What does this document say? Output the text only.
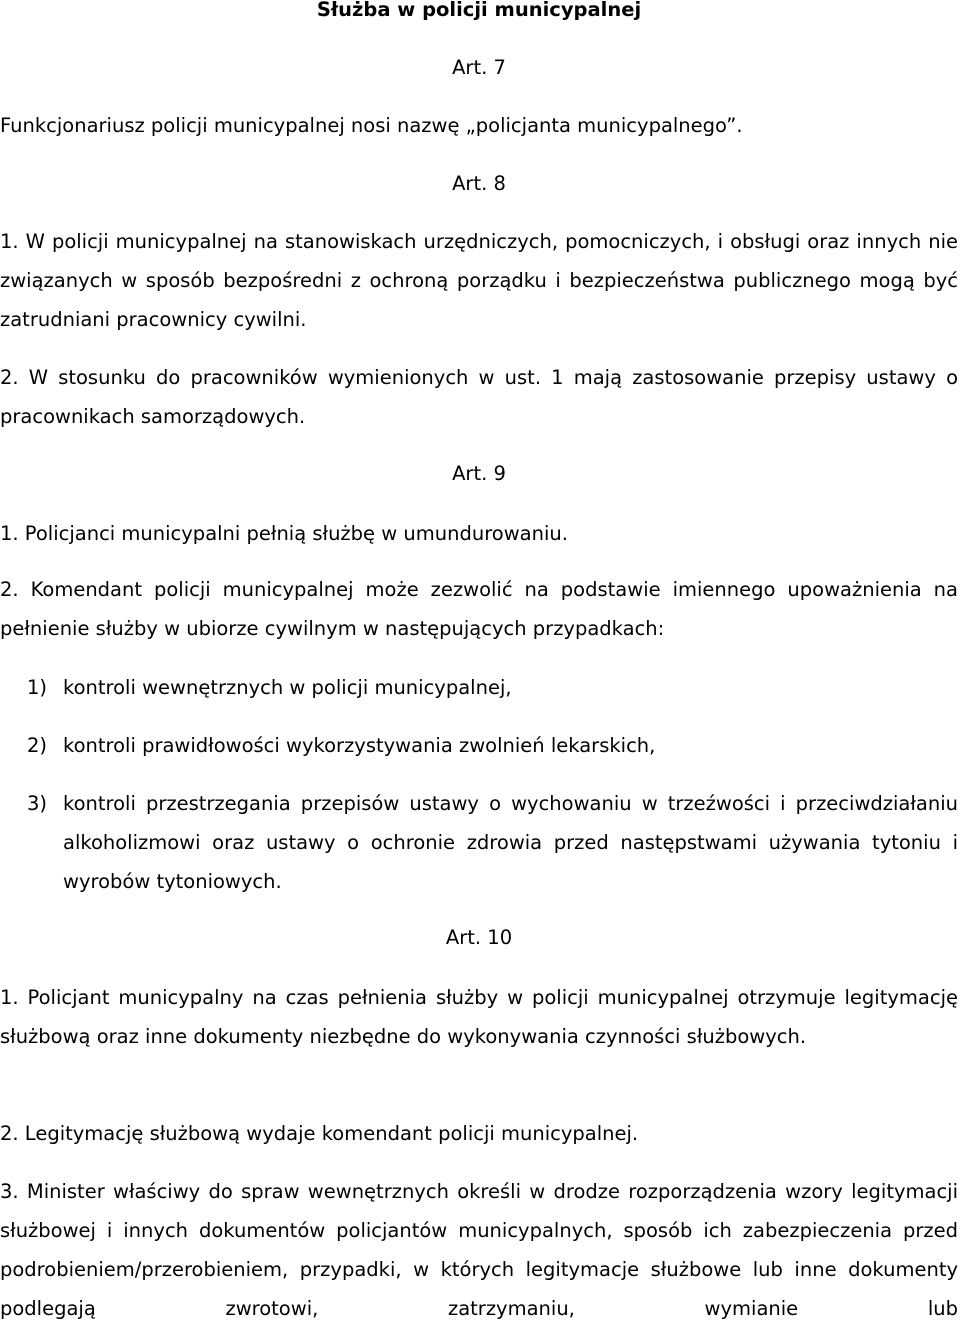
Służba w policji municypalnej
Art. 7
Funkcjonariusz policji municypalnej nosi nazwę „policjanta municypalnego”.
Art. 8
1. W policji municypalnej na stanowiskach urzędniczych, pomocniczych, i obsługi oraz innych nie związanych w sposób bezpośredni z ochroną porządku i bezpieczeństwa publicznego mogą być zatrudniani pracownicy cywilni.
2. W stosunku do pracowników wymienionych w ust. 1 mają zastosowanie przepisy ustawy o pracownikach samorządowych.
Art. 9
1. Policjanci municypalni pełnią służbę w umundurowaniu.
2. Komendant policji municypalnej może zezwolić na podstawie imiennego upoważnienia na pełnienie służby w ubiorze cywilnym w następujących przypadkach:
1) kontroli wewnętrznych w policji municypalnej,
2) kontroli prawidłowości wykorzystywania zwolnień lekarskich,
3) kontroli przestrzegania przepisów ustawy o wychowaniu w trzeźwości i przeciwdziałaniu alkoholizmowi oraz ustawy o ochronie zdrowia przed następstwami używania tytoniu i wyrobów tytoniowych.
Art. 10
1. Policjant municypalny na czas pełnienia służby w policji municypalnej otrzymuje legitymację służbową oraz inne dokumenty niezbędne do wykonywania czynności służbowych.
2. Legitymację służbową wydaje komendant policji municypalnej.
3. Minister właściwy do spraw wewnętrznych określi w drodze rozporządzenia wzory legitymacji służbowej i innych dokumentów policjantów municypalnych, sposób ich zabezpieczenia przed podrobieniem/przerobieniem, przypadki, w których legitymacje służbowe lub inne dokumenty podlegają zwrotowi, zatrzymaniu, wymianie lub
